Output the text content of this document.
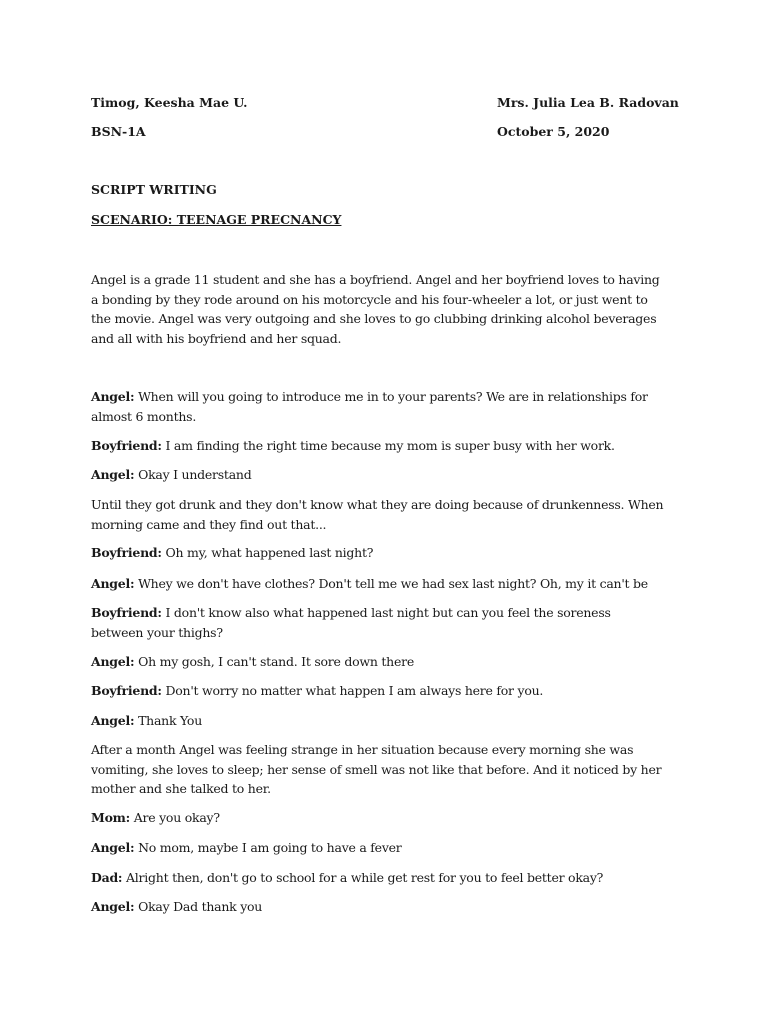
Timog, Keesha Mae U.	Mrs. Julia Lea B. Radovan
BSN-1A	October 5, 2020
SCRIPT WRITING
SCENARIO: TEENAGE PRECNANCY
Angel is a grade 11 student and she has a boyfriend. Angel and her boyfriend loves to having a bonding by they rode around on his motorcycle and his four-wheeler a lot, or just went to the movie. Angel was very outgoing and she loves to go clubbing drinking alcohol beverages and all with his boyfriend and her squad.
Angel: When will you going to introduce me in to your parents? We are in relationships for almost 6 months.
Boyfriend: I am finding the right time because my mom is super busy with her work.
Angel: Okay I understand
Until they got drunk and they don't know what they are doing because of drunkenness. When morning came and they find out that...
Boyfriend: Oh my, what happened last night?
Angel: Whey we don't have clothes? Don't tell me we had sex last night? Oh, my it can't be
Boyfriend: I don't know also what happened last night but can you feel the soreness between your thighs?
Angel: Oh my gosh, I can't stand. It sore down there
Boyfriend: Don't worry no matter what happen I am always here for you.
Angel: Thank You
After a month Angel was feeling strange in her situation because every morning she was vomiting, she loves to sleep; her sense of smell was not like that before. And it noticed by her mother and she talked to her.
Mom: Are you okay?
Angel: No mom, maybe I am going to have a fever
Dad: Alright then, don't go to school for a while get rest for you to feel better okay?
Angel: Okay Dad thank you
